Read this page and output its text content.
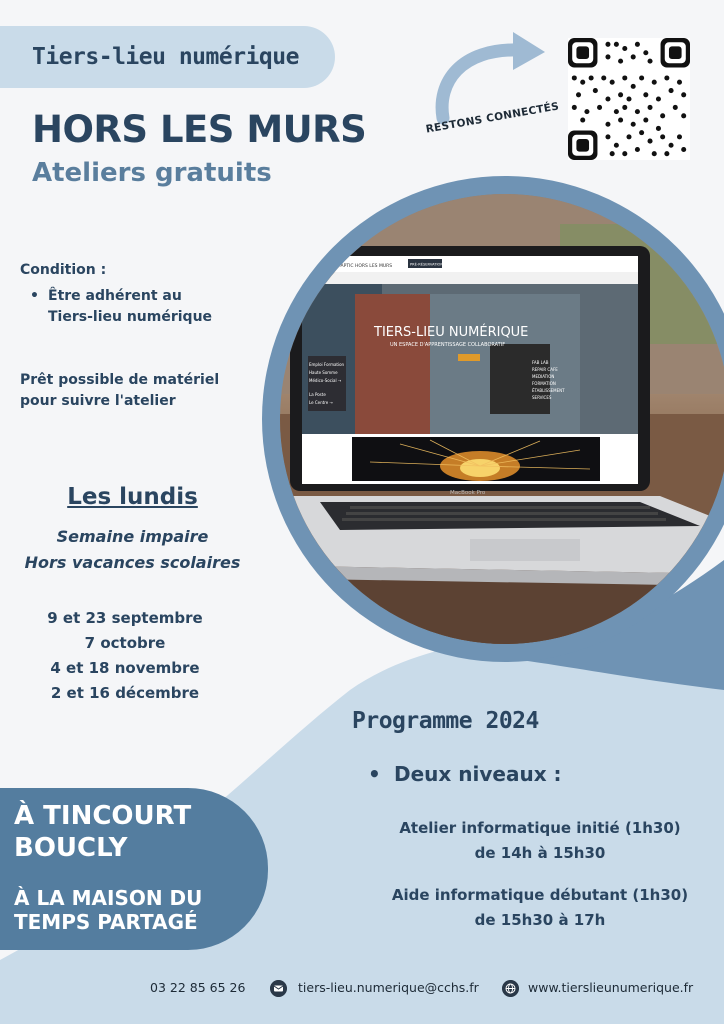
Tiers-lieu numérique
HORS LES MURS
Ateliers gratuits
RESTONS CONNECTÉS
• REPAIR CAFE APTIC HORS LES MURS	PRÉ-RÉSERVATION
Emploi Formation
Haute Somme
Médico-Social →
La Poste
Le Centre →
TIERS-LIEU NUMÉRIQUE
UN ESPACE D'APPRENTISSAGE COLLABORATIF
FAB LAB
REPAIR CAFE
MEDIATION
FORMATION
ÉTABLISSEMENT
SERVICES
MacBook Pro
Condition :
• Être adhérent au
Tiers-lieu numérique
Prêt possible de matériel
pour suivre l'atelier
Les lundis
Semaine impaire
Hors vacances scolaires
9 et 23 septembre
7 octobre
4 et 18 novembre
2 et 16 décembre
Programme 2024
• Deux niveaux :
Atelier informatique initié (1h30)
de 14h à 15h30
Aide informatique débutant (1h30)
de 15h30 à 17h
À TINCOURT
BOUCLY
À LA MAISON DU
TEMPS PARTAGÉ
03 22 85 65 26	tiers-lieu.numerique@cchs.fr	www.tierslieunumerique.fr
